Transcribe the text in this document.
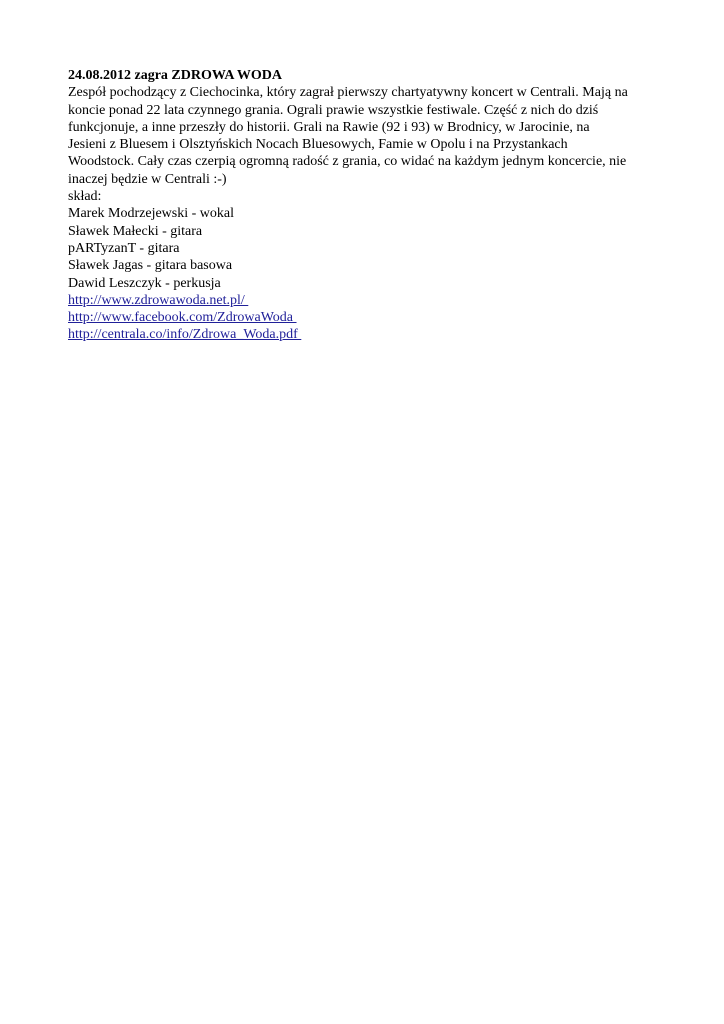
24.08.2012 zagra ZDROWA WODA

Zespół pochodzący z Ciechocinka, który zagrał pierwszy chartyatywny koncert w Centrali. Mają na
koncie ponad 22 lata czynnego grania. Ograli prawie wszystkie festiwale. Część z nich do dziś
funkcjonuje, a inne przeszły do historii. Grali na Rawie (92 i 93) w Brodnicy, w Jarocinie, na
Jesieni z Bluesem i Olsztyńskich Nocach Bluesowych, Famie w Opolu i na Przystankach
Woodstock. Cały czas czerpią ogromną radość z grania, co widać na każdym jednym koncercie, nie
inaczej będzie w Centrali :-)
skład:
Marek Modrzejewski - wokal
Sławek Małecki - gitara
pARTyzanT - gitara
Sławek Jagas - gitara basowa
Dawid Leszczyk - perkusja
http://www.zdrowawoda.net.pl/
http://www.facebook.com/ZdrowaWoda
http://centrala.co/info/Zdrowa_Woda.pdf
